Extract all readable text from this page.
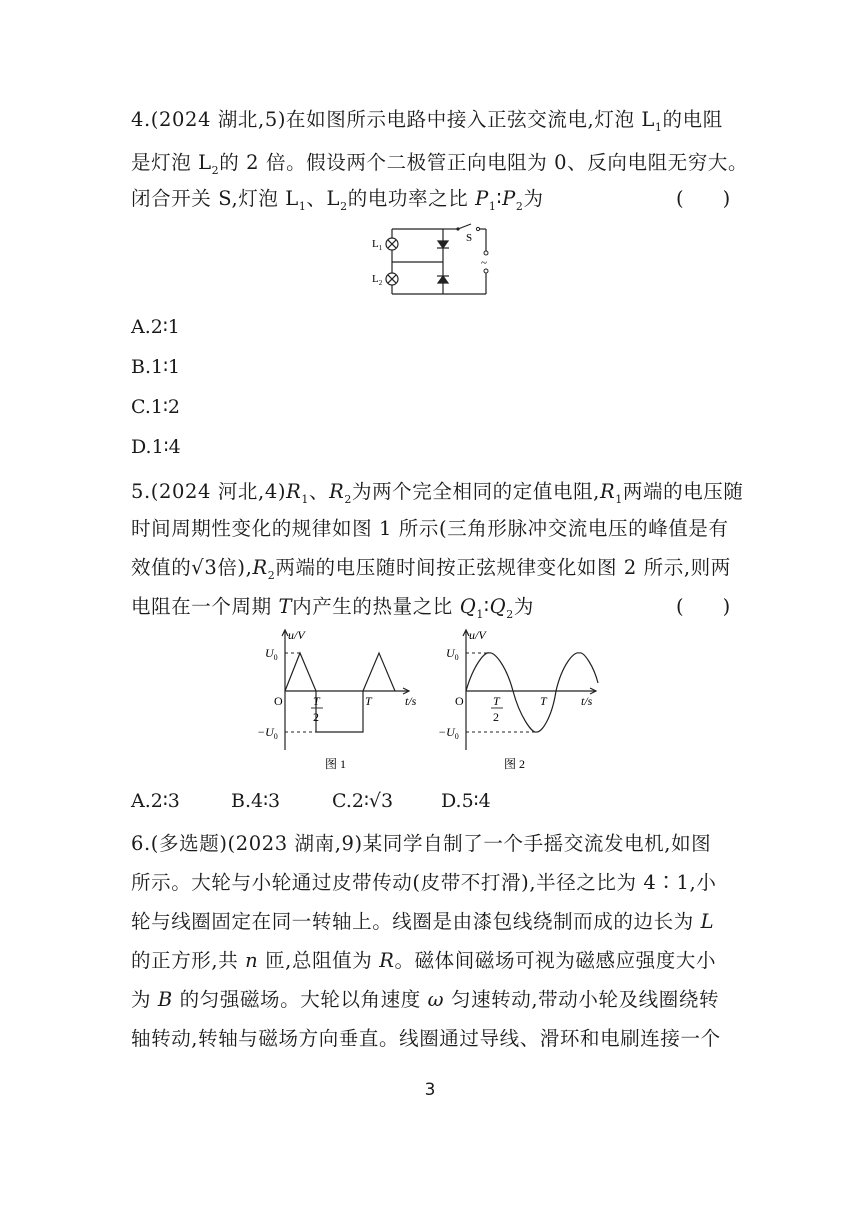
4.(2024 湖北,5)在如图所示电路中接入正弦交流电,灯泡 $L_1$的电阻
是灯泡 $L_2$的 2 倍。假设两个二极管正向电阻为 0、反向电阻无穷大。
闭合开关 S,灯泡 $L_1$、$L_2$的电功率之比 $P_1∶P_2$为	(　　)
$L_1$
$L_2$
S
~
A.2∶1
B.1∶1
C.1∶2
D.1∶4
5.(2024 河北$,4)R_1$、$R_2$为两个完全相同的定值电阻$,R_1$两端的电压随
时间周期性变化的规律如图 1 所示(三角形脉冲交流电压的峰值是有
效值的√3倍)$,R_2$两端的电压随时间按正弦规律变化如图 2 所示,则两
电阻在一个周期 T内产生的热量之比 $Q_1∶Q_2$为	(　　)
u/V
$U_0$
$-U_0$
O	T
2
T	t/s
图 1
u/V
$U_0$
$-U_0$
O T
2
T	t/s
图 2
A.2∶3	B.4∶3	C.2∶√3	D.5∶4
6.(多选题)(2023 湖南,9)某同学自制了一个手摇交流发电机,如图
所示。大轮与小轮通过皮带传动(皮带不打滑),半径之比为 4∶1,小
轮与线圈固定在同一转轴上。线圈是由漆包线绕制而成的边长为 L
的正方形,共 n 匝,总阻值为 R。磁体间磁场可视为磁感应强度大小
为 B 的匀强磁场。大轮以角速度 ω 匀速转动,带动小轮及线圈绕转
轴转动,转轴与磁场方向垂直。线圈通过导线、滑环和电刷连接一个
3
